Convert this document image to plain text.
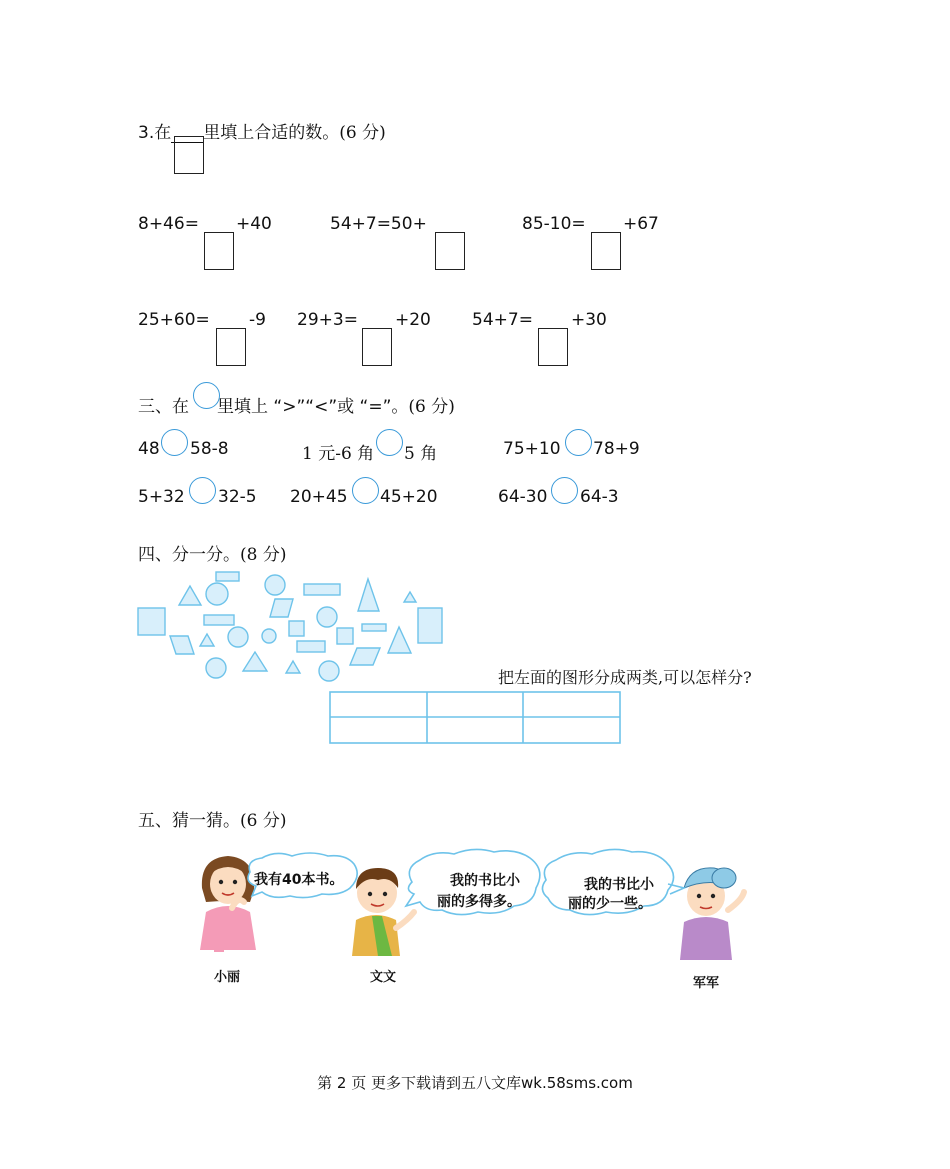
3.在 里填上合适的数。(6 分)
8+46= +40	54+7=50+	85-10= +67
25+60= -9 29+3= +20 54+7= +30
三、在 里填上 “>”“<”或 “=”。(6 分)
48 58-8	1 元-6 角 5 角	75+10 78+9
5+32 32-5 20+45 45+20	64-30 64-3
四、分一分。(8 分)
把左面的图形分成两类,可以怎样分?
五、猜一猜。(6 分)
我有40本书。	我的书比小
丽的多得多。
我的书比小
丽的少一些。
小丽	文文	军军
第 2 页 更多下载请到五八文库wk.58sms.com
